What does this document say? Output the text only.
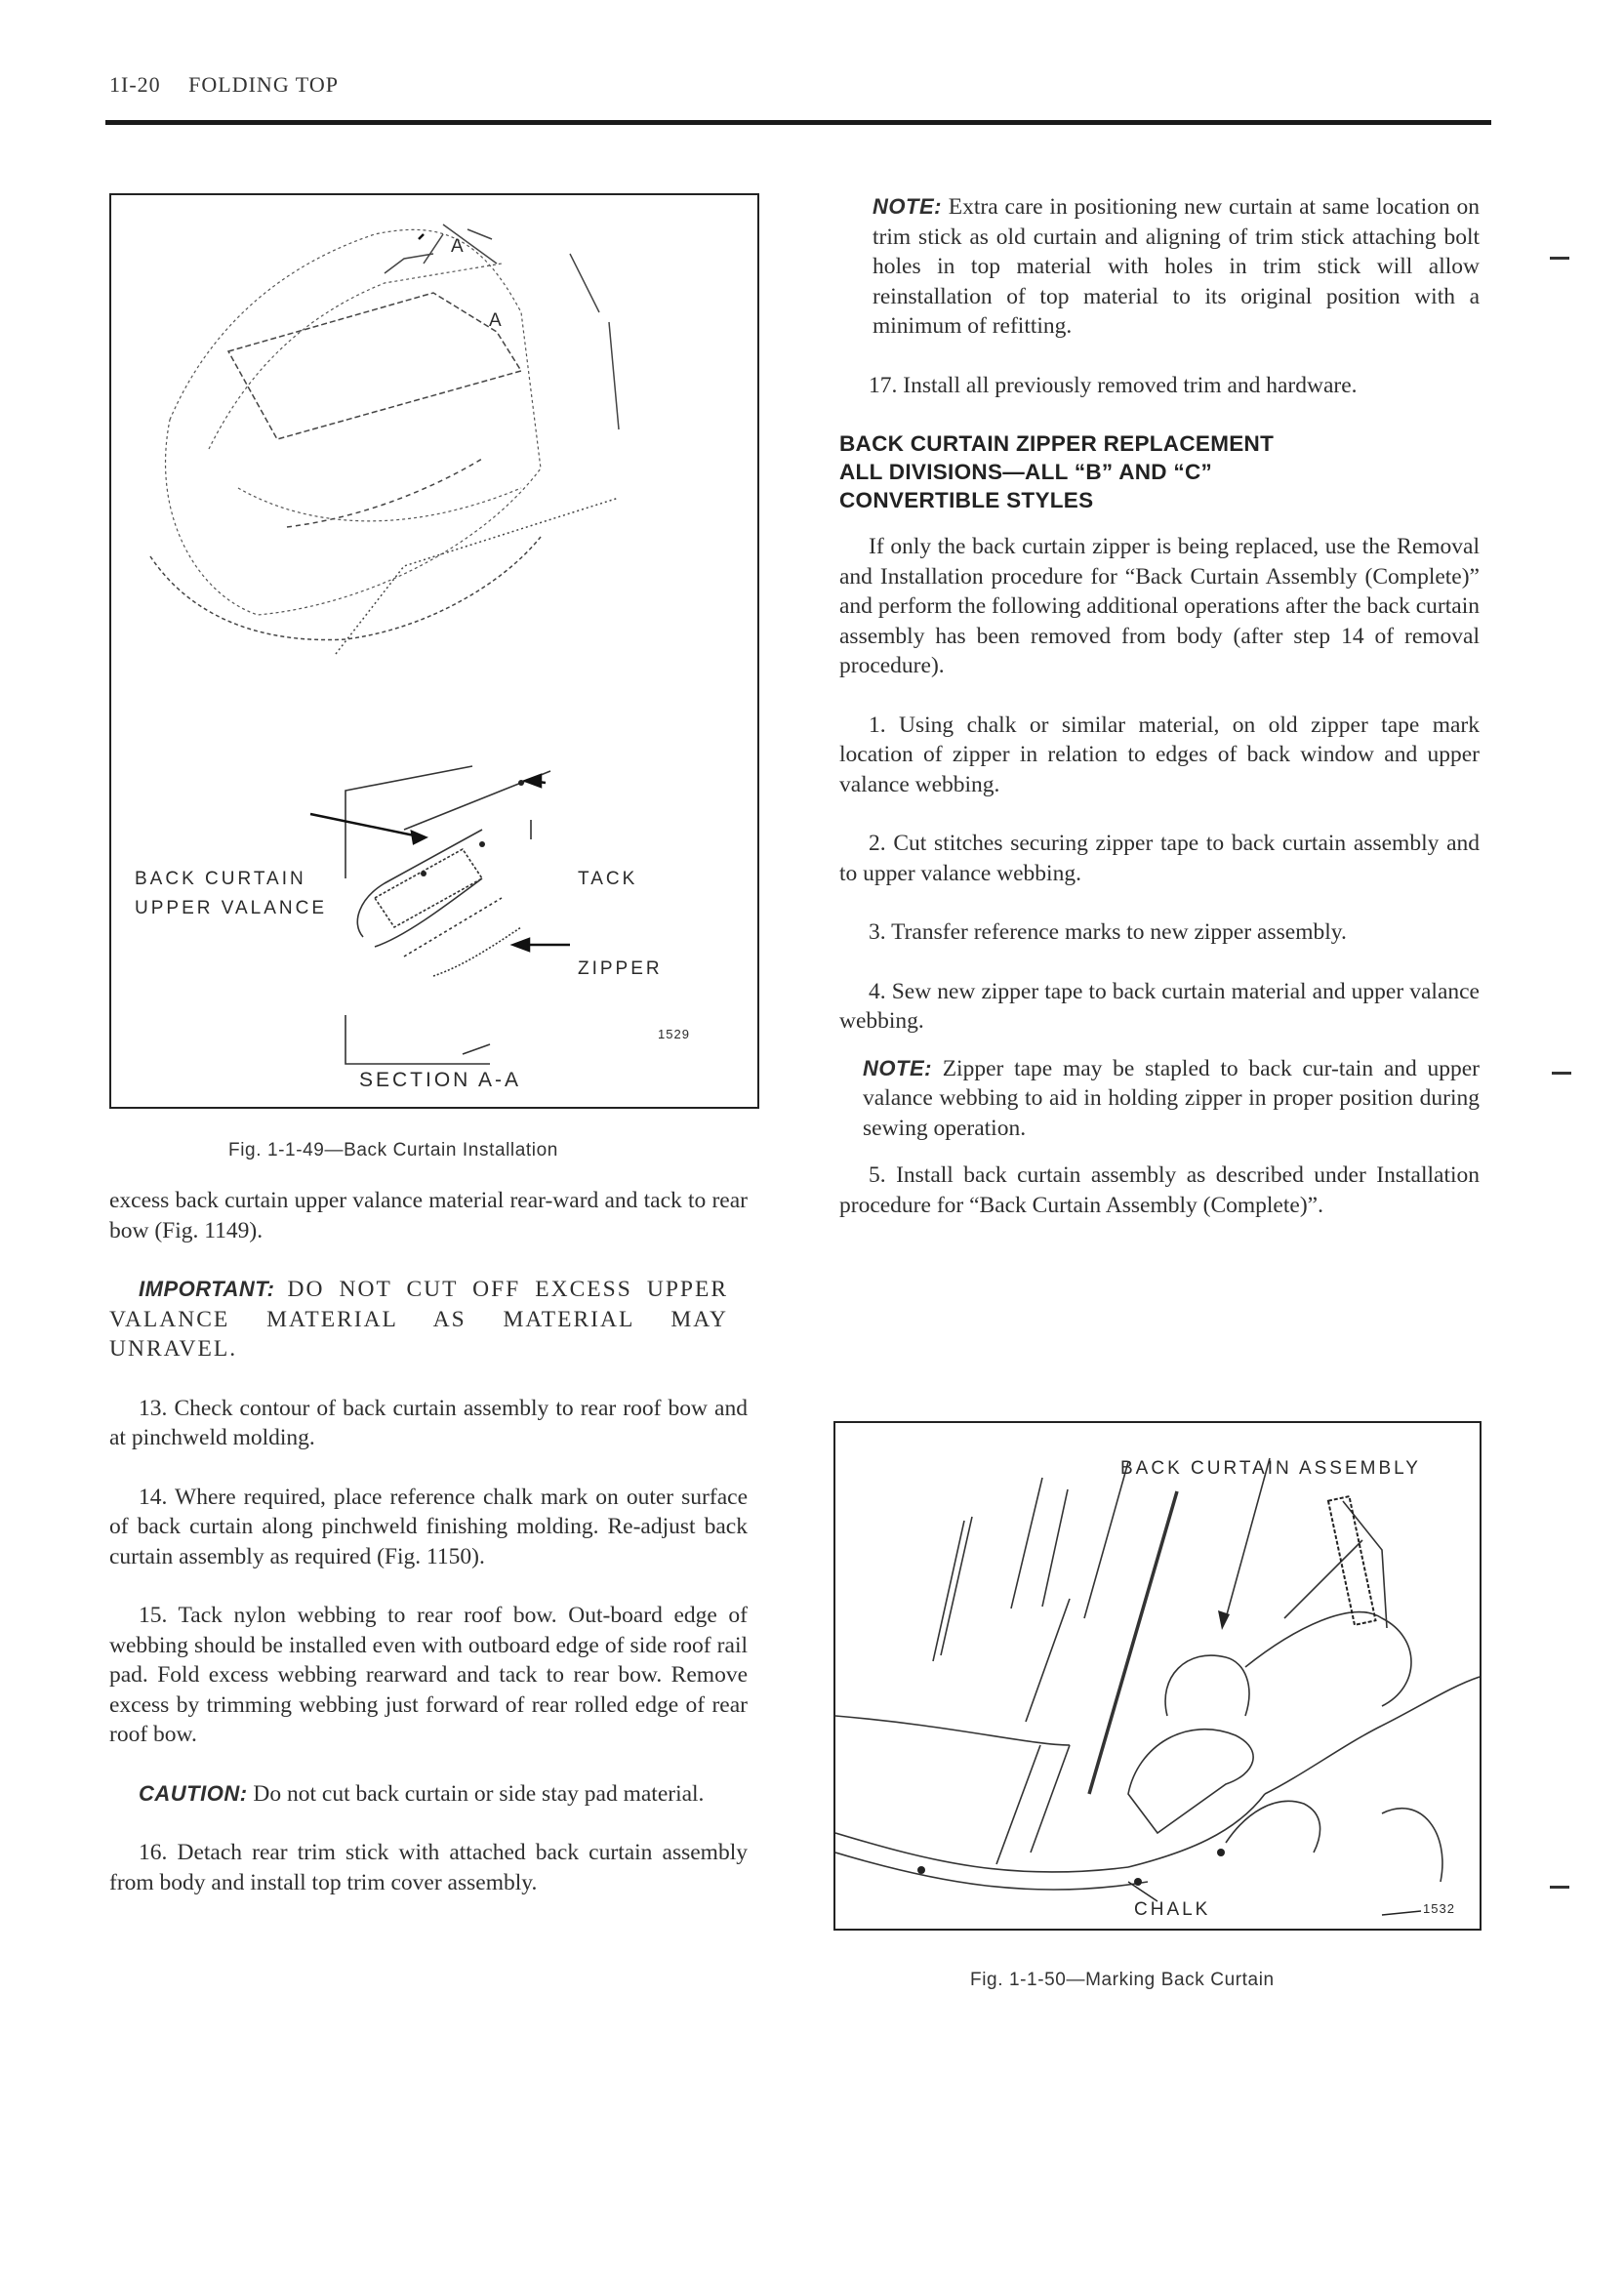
1I-20 FOLDING TOP
A
A
BACK CURTAIN
UPPER VALANCE
TACK
ZIPPER
1529
SECTION A-A
Fig. 1-1-49—Back Curtain Installation
BACK CURTAIN ASSEMBLY
CHALK	1532
Fig. 1-1-50—Marking Back Curtain

excess back curtain upper valance material rear-ward and tack to rear bow (Fig. 1149).

IMPORTANT: DO NOT CUT OFF EXCESS UPPER VALANCE MATERIAL AS MATERIAL MAY UNRAVEL.

13. Check contour of back curtain assembly to rear roof bow and at pinchweld molding.

14. Where required, place reference chalk mark on outer surface of back curtain along pinchweld finishing molding. Re-adjust back curtain assembly as required (Fig. 1150).

15. Tack nylon webbing to rear roof bow. Out-board edge of webbing should be installed even with outboard edge of side roof rail pad. Fold excess webbing rearward and tack to rear bow. Remove excess by trimming webbing just forward of rear rolled edge of rear roof bow.

CAUTION: Do not cut back curtain or side stay pad material.

16. Detach rear trim stick with attached back curtain assembly from body and install top trim cover assembly.

NOTE: Extra care in positioning new curtain at same location on trim stick as old curtain and aligning of trim stick attaching bolt holes in top material with holes in trim stick will allow reinstallation of top material to its original position with a minimum of refitting.

17. Install all previously removed trim and hardware.

BACK CURTAIN ZIPPER REPLACEMENT
ALL DIVISIONS—ALL “B” AND “C”
CONVERTIBLE STYLES

If only the back curtain zipper is being replaced, use the Removal and Installation procedure for “Back Curtain Assembly (Complete)” and perform the following additional operations after the back curtain assembly has been removed from body (after step 14 of removal procedure).

1. Using chalk or similar material, on old zipper tape mark location of zipper in relation to edges of back window and upper valance webbing.

2. Cut stitches securing zipper tape to back curtain assembly and to upper valance webbing.

3. Transfer reference marks to new zipper assembly.

4. Sew new zipper tape to back curtain material and upper valance webbing.

NOTE: Zipper tape may be stapled to back cur-tain and upper valance webbing to aid in holding zipper in proper position during sewing operation.

5. Install back curtain assembly as described under Installation procedure for “Back Curtain Assembly (Complete)”.
